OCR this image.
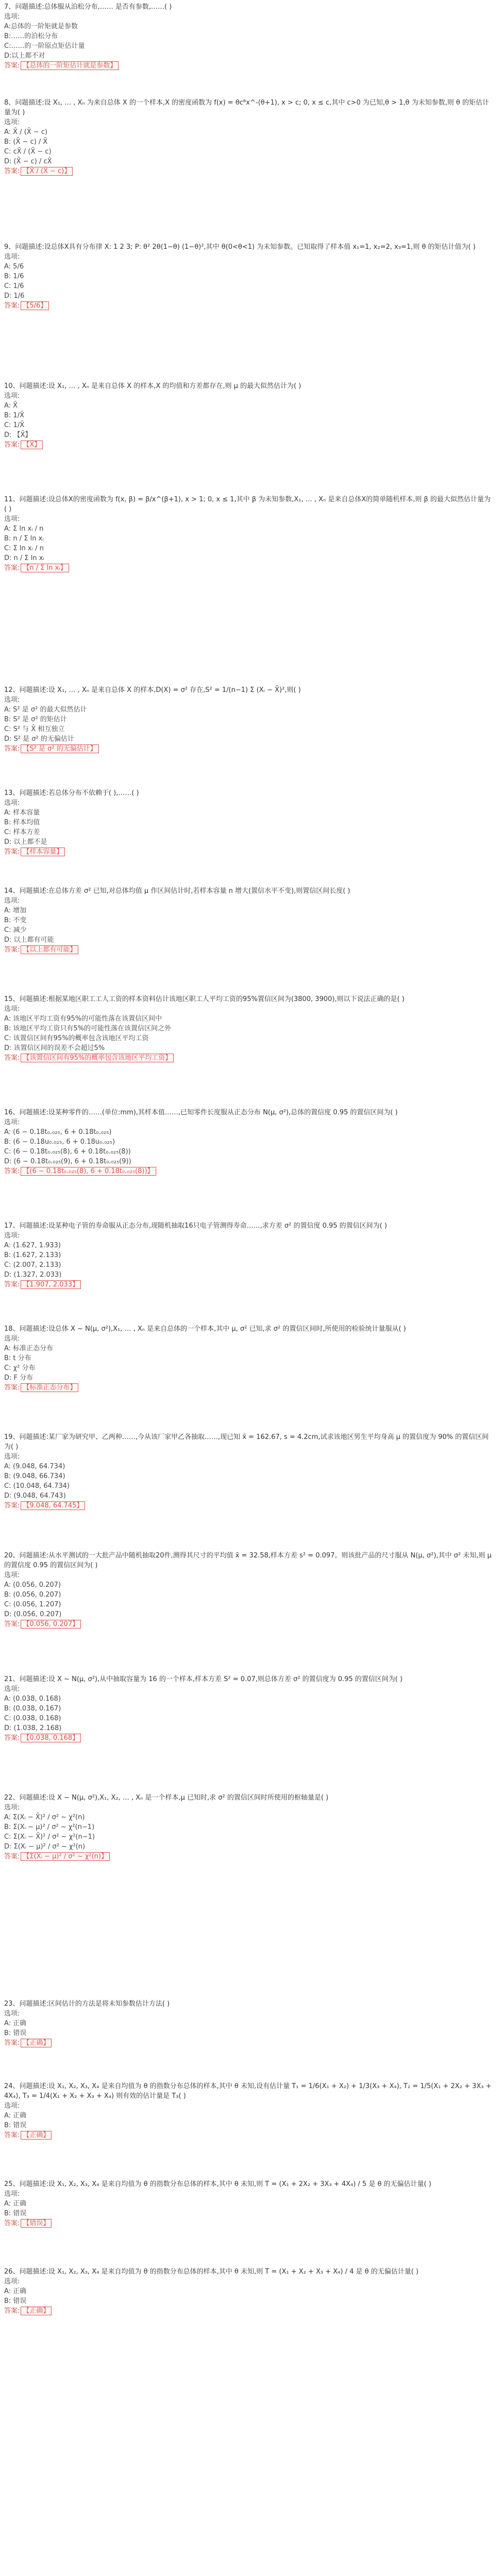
7、问题描述:总体服从泊松分布,…… 是否有参数,……( )

选项:

A:总体的一阶矩就是参数

B:……的泊松分布

C:……的一阶原点矩估计量

D:以上都不对

答案: 【总体的一阶矩估计就是参数】

8、问题描述:设 X₁, … , Xₙ 为来自总体 X 的一个样本,X 的密度函数为 f(x) = θcᶿx^-(θ+1), x > c; 0, x ≤ c,其中 c>0 为已知,θ > 1,θ 为未知参数,则 θ 的矩估计量为( )

选项:

A: X̄ / (X̄ − c)

B: (X̄ − c) / X̄

C: cX̄ / (X̄ − c)

D: (X̄ − c) / cX̄

答案: 【X̄ / (X̄ − c)】

9、问题描述:设总体X具有分布律 X: 1 2 3; P: θ² 2θ(1−θ) (1−θ)²,其中 θ(0<θ<1) 为未知参数。已知取得了样本值 x₁=1, x₂=2, x₃=1,则 θ 的矩估计值为( )

选项:

A: 5/6

B: 1/6

C: 1/6

D: 1/6

答案: 【5/6】

10、问题描述:设 X₁, … , Xₙ 是来自总体 X 的样本,X 的均值和方差都存在,则 μ 的最大似然估计为( )

选项:

A: X̄

B: 1/X̄

C: 1/X̄

D: 【X̄】

答案: 【X̄】

11、问题描述:设总体X的密度函数为 f(x, β) = β/x^(β+1), x > 1; 0, x ≤ 1,其中 β 为未知参数,X₁, … , Xₙ 是来自总体X的简单随机样本,则 β 的最大似然估计量为( )

选项:

A: Σ ln xᵢ / n

B: n / Σ ln xᵢ

C: Σ ln xᵢ / n

D: n / Σ ln xᵢ

答案: 【n / Σ ln xᵢ】

12、问题描述:设 X₁, … , Xₙ 是来自总体 X 的样本,D(X) = σ² 存在,S² = 1/(n−1) Σ (Xᵢ − X̄)²,则( )

选项:

A: S² 是 σ² 的最大似然估计

B: S² 是 σ² 的矩估计

C: S² 与 X̄ 相互独立

D: S² 是 σ² 的无偏估计

答案: 【S² 是 σ² 的无偏估计】

13、问题描述:若总体分布不依赖于( ),……( )

选项:

A: 样本容量

B: 样本均值

C: 样本方差

D: 以上都不是

答案: 【样本容量】

14、问题描述:在总体方差 σ² 已知,对总体均值 μ 作区间估计时,若样本容量 n 增大(置信水平不变),则置信区间长度( )

选项:

A: 增加

B: 不变

C: 减少

D: 以上都有可能

答案: 【以上都有可能】

15、问题描述:根据某地区职工工人工资的样本资料估计该地区职工人平均工资的95%置信区间为(3800, 3900),则以下说法正确的是( )

选项:

A: 该地区平均工资有95%的可能性落在该置信区间中

B: 该地区平均工资只有5%的可能性落在该置信区间之外

C: 该置信区间有95%的概率包含该地区平均工资

D: 该置信区间的误差不会超过5%

答案: 【该置信区间有95%的概率包含该地区平均工资】

16、问题描述:设某种零件的……(单位:mm),其样本值……,已知零件长度服从正态分布 N(μ, σ²),总体的置信度 0.95 的置信区间为( )

选项:

A: (6 − 0.18t₀.₀₂₅, 6 + 0.18t₀.₀₂₅)

B: (6 − 0.18u₀.₀₂₅, 6 + 0.18u₀.₀₂₅)

C: (6 − 0.18t₀.₀₂₅(8), 6 + 0.18t₀.₀₂₅(8))

D: (6 − 0.18t₀.₀₂₅(9), 6 + 0.18t₀.₀₂₅(9))

答案: 【(6 − 0.18t₀.₀₂₅(8), 6 + 0.18t₀.₀₂₅(8))】

17、问题描述:设某种电子管的寿命服从正态分布,现随机抽取16只电子管测得寿命……,求方差 σ² 的置信度 0.95 的置信区间为( )

选项:

A: (1.627, 1.933)

B: (1.627, 2.133)

C: (2.007, 2.133)

D: (1.327, 2.033)

答案: 【1.907, 2.033】

18、问题描述:设总体 X ~ N(μ, σ²),X₁, … , Xₙ 是来自总体的一个样本,其中 μ, σ² 已知,求 σ² 的置信区间时,所使用的检验统计量服从( )

选项:

A: 标准正态分布

B: t 分布

C: χ² 分布

D: F 分布

答案: 【标准正态分布】

19、问题描述:某厂家为研究甲、乙两种……,今从该厂家甲乙各抽取……,现已知 x̄ = 162.67, s = 4.2cm,试求该地区男生平均身高 μ 的置信度为 90% 的置信区间为( )

选项:

A: (9.048, 64.734)

B: (9.048, 66.734)

C: (10.048, 64.734)

D: (9.048, 64.743)

答案: 【9.048, 64.745】

20、问题描述:从水平测试的一大批产品中随机抽取20件,测得其尺寸的平均值 x̄ = 32.58,样本方差 s² = 0.097。则该批产品的尺寸服从 N(μ, σ²),其中 σ² 未知,则 μ 的置信度 0.95 的置信区间为( )

选项:

A: (0.056, 0.207)

B: (0.056, 0.207)

C: (0.056, 1.207)

D: (0.056, 0.207)

答案: 【0.056, 0.207】

21、问题描述:设 X ~ N(μ, σ²),从中抽取容量为 16 的一个样本,样本方差 S² = 0.07,则总体方差 σ² 的置信度为 0.95 的置信区间为( )

选项:

A: (0.038, 0.168)

B: (0.038, 0.167)

C: (0.038, 0.168)

D: (1.038, 2.168)

答案: 【0.038, 0.168】

22、问题描述:设 X ~ N(μ, σ²),X₁, X₂, … , Xₙ 是一个样本,μ 已知时,求 σ² 的置信区间时所使用的枢轴量是( )

选项:

A: Σ(Xᵢ − X̄)² / σ² ~ χ²(n)

B: Σ(Xᵢ − μ)² / σ² ~ χ²(n−1)

C: Σ(Xᵢ − X̄)² / σ² ~ χ²(n−1)

D: Σ(Xᵢ − μ)² / σ² ~ χ²(n)

答案: 【Σ(Xᵢ − μ)² / σ² ~ χ²(n)】

23、问题描述:区间估计的方法是将未知参数估计方法( )

选项:

A: 正确

B: 错误

答案: 【正确】

24、问题描述:设 X₁, X₂, X₃, X₄ 是来自均值为 θ 的指数分布总体的样本,其中 θ 未知,设有估计量 T₁ = 1/6(X₁ + X₂) + 1/3(X₃ + X₄), T₂ = 1/5(X₁ + 2X₂ + 3X₃ + 4X₄), T₃ = 1/4(X₁ + X₂ + X₃ + X₄) 则有效的估计量是 T₃( )

选项:

A: 正确

B: 错误

答案: 【正确】

25、问题描述:设 X₁, X₂, X₃, X₄ 是来自均值为 θ 的指数分布总体的样本,其中 θ 未知,则 T = (X₁ + 2X₂ + 3X₃ + 4X₄) / 5 是 θ 的无偏估计量( )

选项:

A: 正确

B: 错误

答案: 【错误】

26、问题描述:设 X₁, X₂, X₃, X₄ 是来自均值为 θ 的指数分布总体的样本,其中 θ 未知,则 T = (X₁ + X₂ + X₃ + X₄) / 4 是 θ 的无偏估计量( )

选项:

A: 正确

B: 错误

答案: 【正确】
